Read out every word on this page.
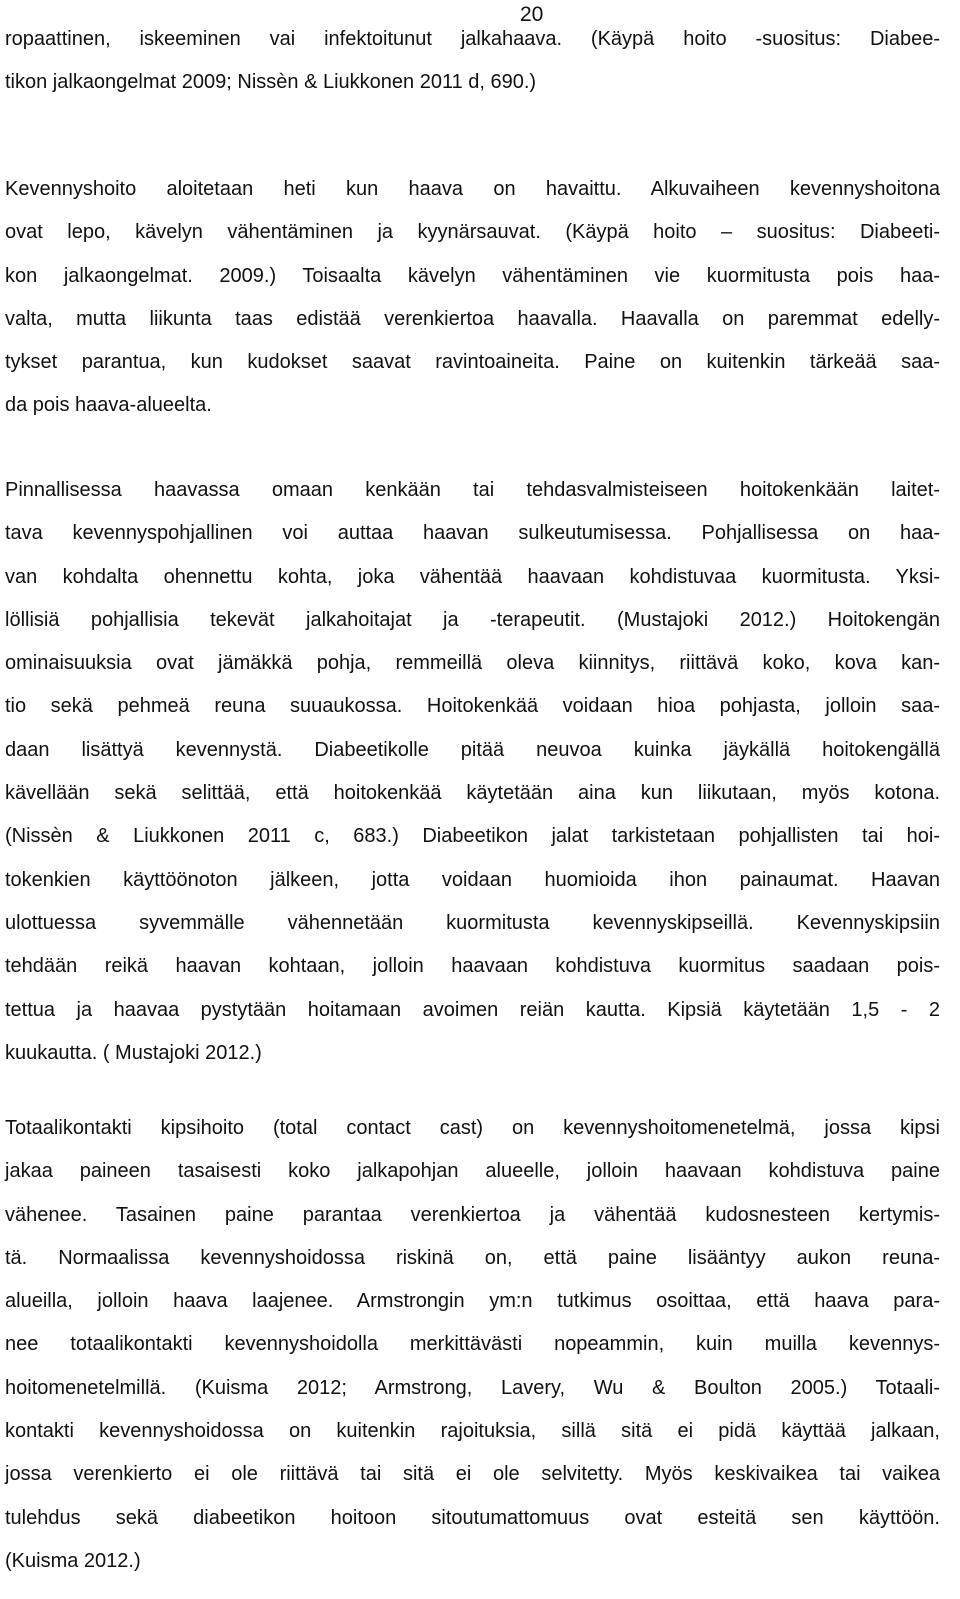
20
ropaattinen, iskeeminen vai infektoitunut jalkahaava. (Käypä hoito -suositus: Diabee-
tikon jalkaongelmat 2009; Nissèn & Liukkonen 2011 d, 690.)
Kevennyshoito aloitetaan heti kun haava on havaittu. Alkuvaiheen kevennyshoitona
ovat lepo, kävelyn vähentäminen ja kyynärsauvat. (Käypä hoito – suositus: Diabeeti-
kon jalkaongelmat. 2009.) Toisaalta kävelyn vähentäminen vie kuormitusta pois haa-
valta, mutta liikunta taas edistää verenkiertoa haavalla. Haavalla on paremmat edelly-
tykset parantua, kun kudokset saavat ravintoaineita. Paine on kuitenkin tärkeää saa-
da pois haava-alueelta.
Pinnallisessa haavassa omaan kenkään tai tehdasvalmisteiseen hoitokenkään laitet-
tava kevennyspohjallinen voi auttaa haavan sulkeutumisessa. Pohjallisessa on haa-
van kohdalta ohennettu kohta, joka vähentää haavaan kohdistuvaa kuormitusta. Yksi-
löllisiä pohjallisia tekevät jalkahoitajat ja -terapeutit. (Mustajoki 2012.) Hoitokengän
ominaisuuksia ovat jämäkkä pohja, remmeillä oleva kiinnitys, riittävä koko, kova kan-
tio sekä pehmeä reuna suuaukossa. Hoitokenkää voidaan hioa pohjasta, jolloin saa-
daan lisättyä kevennystä. Diabeetikolle pitää neuvoa kuinka jäykällä hoitokengällä
kävellään sekä selittää, että hoitokenkää käytetään aina kun liikutaan, myös kotona.
(Nissèn & Liukkonen 2011 c, 683.) Diabeetikon jalat tarkistetaan pohjallisten tai hoi-
tokenkien käyttöönoton jälkeen, jotta voidaan huomioida ihon painaumat. Haavan
ulottuessa syvemmälle vähennetään kuormitusta kevennyskipseillä. Kevennyskipsiin
tehdään reikä haavan kohtaan, jolloin haavaan kohdistuva kuormitus saadaan pois-
tettua ja haavaa pystytään hoitamaan avoimen reiän kautta. Kipsiä käytetään 1,5 - 2
kuukautta. ( Mustajoki 2012.)
Totaalikontakti kipsihoito (total contact cast) on kevennyshoitomenetelmä, jossa kipsi
jakaa paineen tasaisesti koko jalkapohjan alueelle, jolloin haavaan kohdistuva paine
vähenee. Tasainen paine parantaa verenkiertoa ja vähentää kudosnesteen kertymis-
tä. Normaalissa kevennyshoidossa riskinä on, että paine lisääntyy aukon reuna-
alueilla, jolloin haava laajenee. Armstrongin ym:n tutkimus osoittaa, että haava para-
nee totaalikontakti kevennyshoidolla merkittävästi nopeammin, kuin muilla kevennys-
hoitomenetelmillä. (Kuisma 2012; Armstrong, Lavery, Wu & Boulton 2005.) Totaali-
kontakti kevennyshoidossa on kuitenkin rajoituksia, sillä sitä ei pidä käyttää jalkaan,
jossa verenkierto ei ole riittävä tai sitä ei ole selvitetty. Myös keskivaikea tai vaikea
tulehdus sekä diabeetikon hoitoon sitoutumattomuus ovat esteitä sen käyttöön.
(Kuisma 2012.)
